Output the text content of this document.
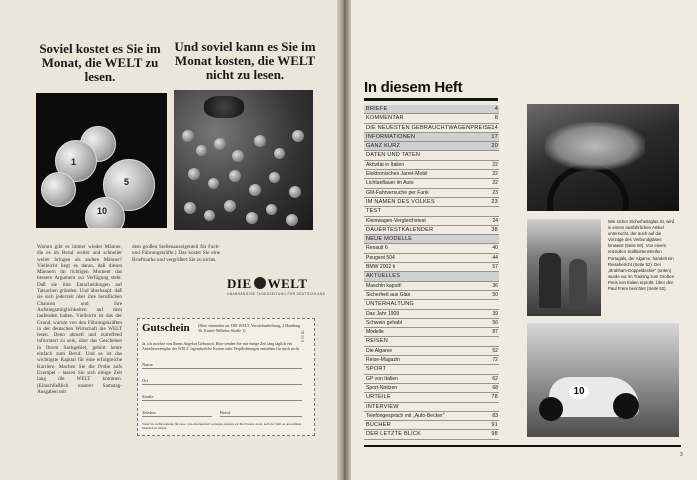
Soviel kostet es Sie im Monat, die WELT zu lesen.
Und soviel kann es Sie im Monat kosten, die WELT nicht zu lesen.
5
10
1
Warum gibt es immer wieder Männer, die es im Beruf weiter und schneller weiter bringen als andere Männer? Vielleicht liegt es daran, daß diesen Männern im richtigen Moment das bessere Argument zur Verfügung steht. Daß sie ihre Entscheidungen auf Tatsachen gründen. Und überhaupt: daß sie sich jederzeit über ihre beruflichen Chancen und ihre Aufstiegsmöglichkeiten auf dem laufenden halten. Vielleicht ist das der Grund, warum von den Führungskräften in der deutschen Wirtschaft die WELT lesen. Denn aktuell und zutreffend informiert zu sein, über das Geschehen in Ihrem Sachgebiet, gehört heute einfach zum Beruf. Und es ist das wichtigste Kapital für eine erfolgreiche Karriere. Machen Sie die Probe aufs Exempel - lassen Sie sich einige Zeit lang die WELT kommen. (Einschließlich unserer Samstag-Ausgaben mit
dem großen Stellenanzeigenteil für Fach- und Führungskräfte.) Das kostet Sie eine Briefmarke und vergrößert Sie zu nichts.
DIE WELT
UNABHÄNGIGE TAGESZEITUNG FÜR DEUTSCHLAND
Gutschein (Bitte einsenden an: DIE WELT, Vertriebsabteilung, 2 Hamburg 36, Kaiser-Wilhelm-Straße 1)
Ja, ich möchte von Ihrem Angebot Gebrauch. Bitte senden Sie mir einige Zeit lang täglich ein Ansichtsexemplar der WELT. Irgendwelche Kosten oder Verpflichtungen entstehen für mich nicht.
Name
Ort
Straße
Telefon	Beruf
Wenn Sie Aufbewahrung für neue 1 das Abonnement vorliegen, können wir Ihre Freude daran, nach der Welt an den zehnten Monaten zu liefern.
78 53 S
In diesem Heft
BRIEFE	4
KOMMENTAR	8
DIE NEUESTEN GEBRAUCHTWAGENPREISE 14
INFORMATIONEN	17
GANZ KURZ	20
DATEN UND TATEN
Aktivität in Italien	22
Elektronisches Jarret-Mobil	22
Lichtanflauer im Auto	22
GM-Fahrversuche per Funk	23
IM NAMEN DES VOLKES	23
TEST
Kleinwagen-Vergleichstest	24
DAUERTESTKALENDER	38
NEUE MODELLE
Renault 6	40
Peugeot 504	44
BMW 2002 ti	57
AKTUELLES
Maschin kaputt!	36
Sicherheit aus Glas	50
UNTERHALTUNG
Das Jahr 1909	39
Schwein gehabt	56
Modelle	87
REISEN
Die Algarve	52
Reise-Magazin	72
SPORT
GP von Italien	62
Sport-Notizen	68
URTEILE	78
INTERVIEW
Telefongespräch mit „Auto-Becker"	83
BÜCHER	91
DER LETZTE BLICK	98
Wie sicher Sicherheitsglas ist, wird in einem ausführlichen Artikel untersucht, der auch auf die Vorzüge des Verbundglases hinweist (Seite 50). Von einem reizvollen Südküstenstreifen Portugals, der Algarve, handelt ein Reisebericht (Seite 52). Der „Brabham-Doppeldecker" (unten) wurde vor im Training zum Großen Preis von Italien erprobt. Über den Paul Frere berichtet (Seite 62).
10
3
